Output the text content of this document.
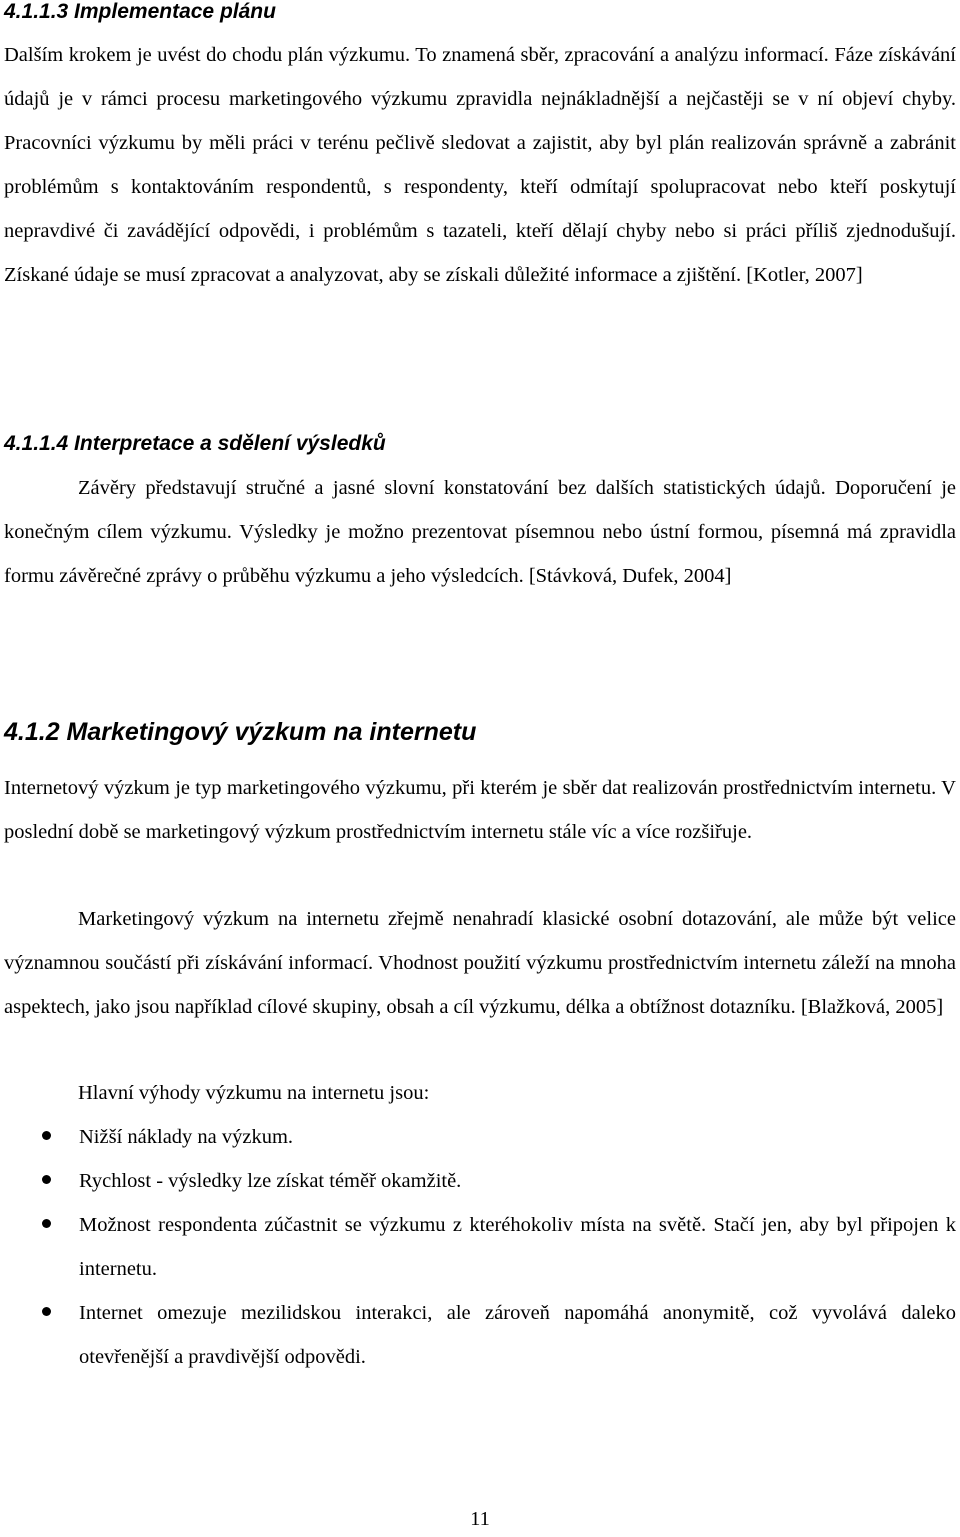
4.1.1.3 Implementace plánu

Dalším krokem je uvést do chodu plán výzkumu. To znamená sběr, zpracování a analýzu informací. Fáze získávání údajů je v rámci procesu marketingového výzkumu zpravidla nejnákladnější a nejčastěji se v ní objeví chyby. Pracovníci výzkumu by měli práci v terénu pečlivě sledovat a zajistit, aby byl plán realizován správně a zabránit problémům s kontaktováním respondentů, s respondenty, kteří odmítají spolupracovat nebo kteří poskytují nepravdivé či zavádějící odpovědi, i problémům s tazateli, kteří dělají chyby nebo si práci příliš zjednodušují. Získané údaje se musí zpracovat a analyzovat, aby se získali důležité informace a zjištění. [Kotler, 2007]

4.1.1.4 Interpretace a sdělení výsledků

Závěry představují stručné a jasné slovní konstatování bez dalších statistických údajů. Doporučení je konečným cílem výzkumu. Výsledky je možno prezentovat písemnou nebo ústní formou, písemná má zpravidla formu závěrečné zprávy o průběhu výzkumu a jeho výsledcích. [Stávková, Dufek, 2004]

4.1.2 Marketingový výzkum na internetu

Internetový výzkum je typ marketingového výzkumu, při kterém je sběr dat realizován prostřednictvím internetu. V poslední době se marketingový výzkum prostřednictvím internetu stále víc a více rozšiřuje.

Marketingový výzkum na internetu zřejmě nenahradí klasické osobní dotazování, ale může být velice významnou součástí při získávání informací. Vhodnost použití výzkumu prostřednictvím internetu záleží na mnoha aspektech, jako jsou například cílové skupiny, obsah a cíl výzkumu, délka a obtížnost dotazníku. [Blažková, 2005]

Hlavní výhody výzkumu na internetu jsou:

Nižší náklady na výzkum.
Rychlost - výsledky lze získat téměř okamžitě.
Možnost respondenta zúčastnit se výzkumu z kteréhokoliv místa na světě. Stačí jen, aby byl připojen k internetu.
Internet omezuje mezilidskou interakci, ale zároveň napomáhá anonymitě, což vyvolává daleko otevřenější a pravdivější odpovědi.
11
